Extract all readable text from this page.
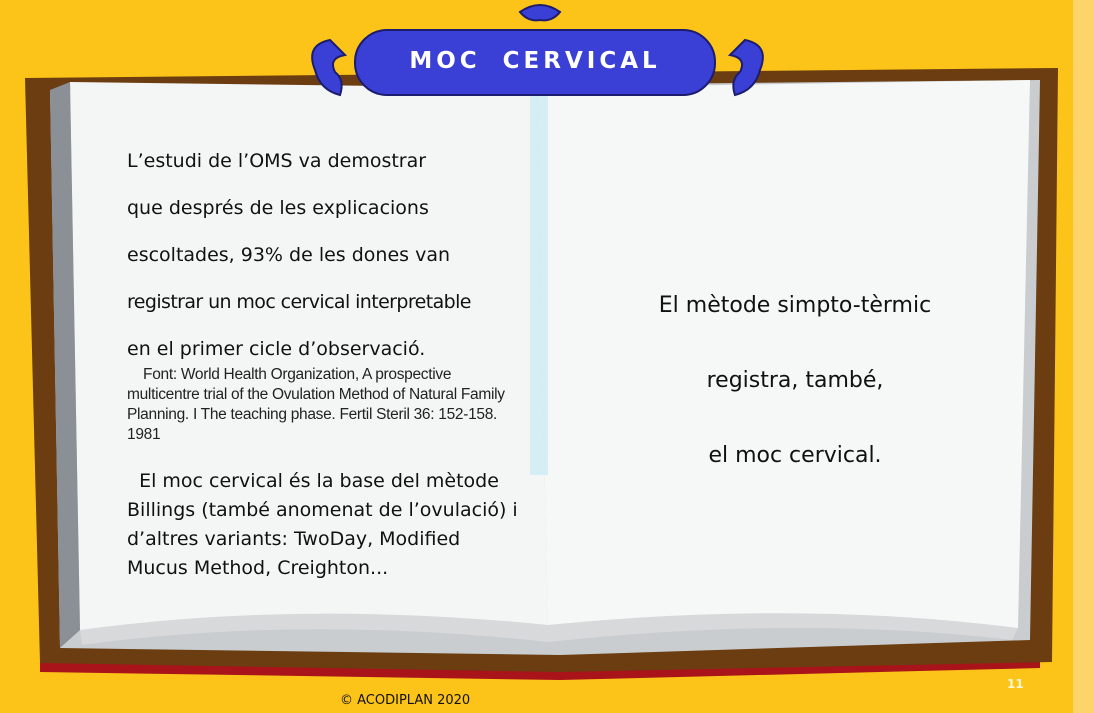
MOC CERVICAL

L’estudi de l’OMS va demostrar

que després de les explicacions

escoltades, 93% de les dones van

registrar un moc cervical interpretable

en el primer cicle d’observació.

Font: World Health Organization, A prospective multicentre trial of the Ovulation Method of Natural Family Planning. I The teaching phase. Fertil Steril 36: 152-158. 1981

El moc cervical és la base del mètode Billings (també anomenat de l’ovulació) i d’altres variants: TwoDay, Modified Mucus Method, Creighton...

El mètode simpto-tèrmic

registra, també,

el moc cervical.

11
© ACODIPLAN 2020
